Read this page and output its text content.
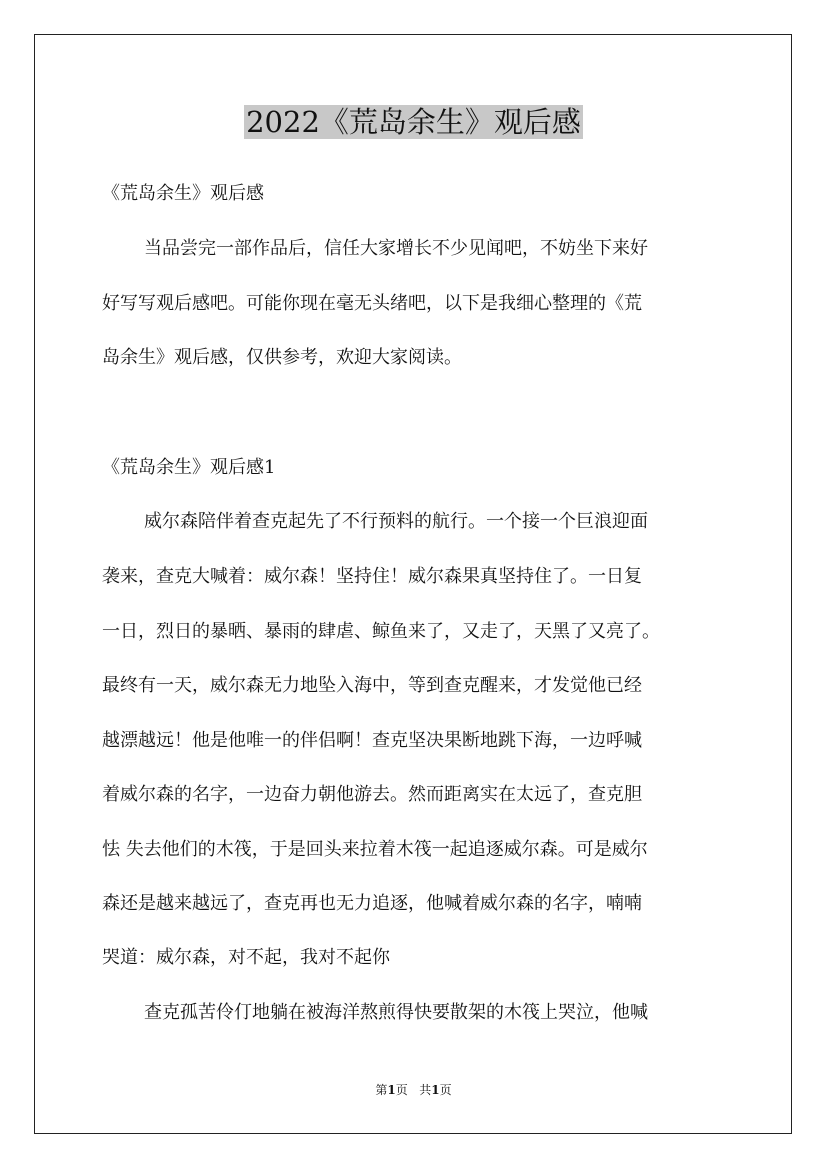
2022《荒岛余生》观后感
《荒岛余生》观后感
当品尝完一部作品后，信任大家增长不少见闻吧，不妨坐下来好
好写写观后感吧。可能你现在毫无头绪吧，以下是我细心整理的《荒
岛余生》观后感，仅供参考，欢迎大家阅读。
《荒岛余生》观后感1
威尔森陪伴着查克起先了不行预料的航行。一个接一个巨浪迎面
袭来，查克大喊着：威尔森！坚持住！威尔森果真坚持住了。一日复
一日，烈日的暴晒、暴雨的肆虐、鲸鱼来了，又走了，天黑了又亮了。
最终有一天，威尔森无力地坠入海中，等到查克醒来，才发觉他已经
越漂越远！他是他唯一的伴侣啊！查克坚决果断地跳下海，一边呼喊
着威尔森的名字，一边奋力朝他游去。然而距离实在太远了，查克胆
怯 失去他们的木筏，于是回头来拉着木筏一起追逐威尔森。可是威尔
森还是越来越远了，查克再也无力追逐，他喊着威尔森的名字，喃喃
哭道：威尔森，对不起，我对不起你
查克孤苦伶仃地躺在被海洋熬煎得快要散架的木筏上哭泣，他喊
第1页   共1页
